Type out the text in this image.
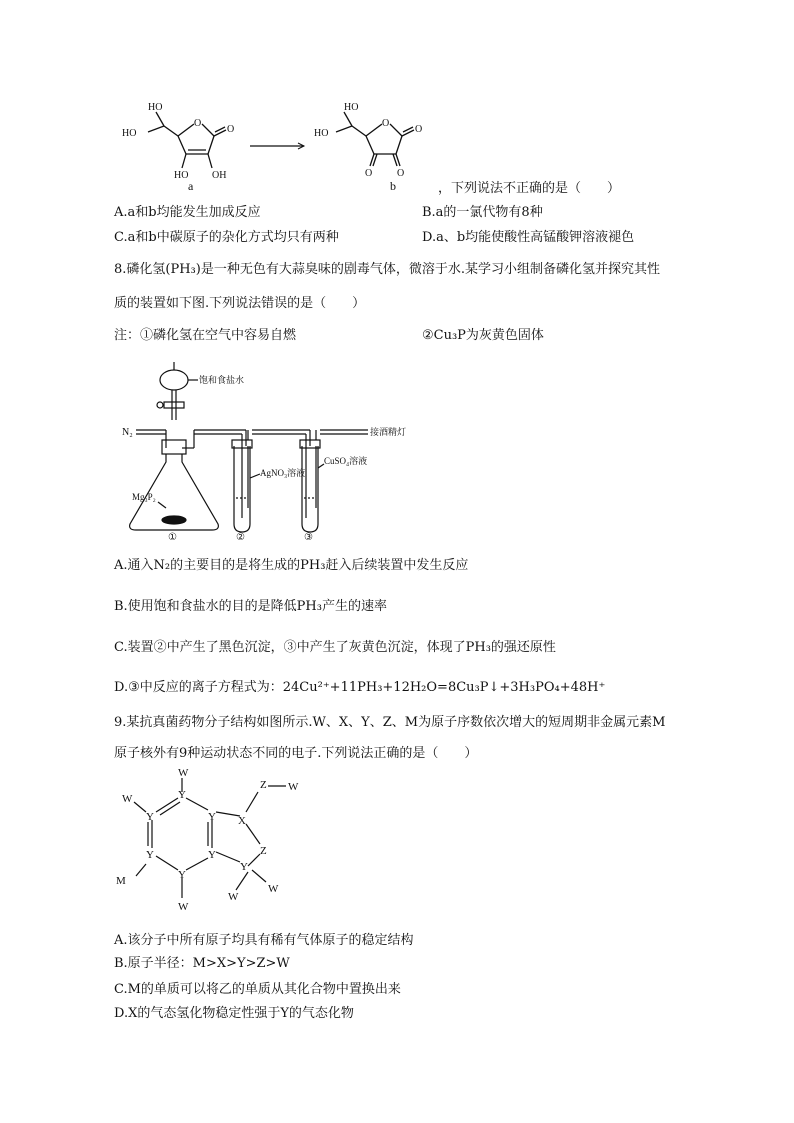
HO
HO
O
O
HO OH
a
HO
HO
O
O
O O
b	，下列说法不正确的是（　　）
A.a和b均能发生加成反应	B.a的一氯代物有8种
C.a和b中碳原子的杂化方式均只有两种	D.a、b均能使酸性高锰酸钾溶液褪色
8.磷化氢(PH₃)是一种无色有大蒜臭味的剧毒气体，微溶于水.某学习小组制备磷化氢并探究其性
质的装置如下图.下列说法错误的是（　　）
注：①磷化氢在空气中容易自燃	②Cu₃P为灰黄色固体
饱和食盐水
N₂	接酒精灯
Mg₃P₂
AgNO₃溶液
CuSO₄溶液
①	②	③
A.通入N₂的主要目的是将生成的PH₃赶入后续装置中发生反应
B.使用饱和食盐水的目的是降低PH₃产生的速率
C.装置②中产生了黑色沉淀，③中产生了灰黄色沉淀，体现了PH₃的强还原性
D.③中反应的离子方程式为：24Cu²⁺+11PH₃+12H₂O=8Cu₃P↓+3H₃PO₄+48H⁺
9.某抗真菌药物分子结构如图所示.W、X、Y、Z、M为原子序数依次增大的短周期非金属元素M
原子核外有9种运动状态不同的电子.下列说法正确的是（　　）
W
Y
W
Y	Y X
Z W
Z
Y	Y
Y
M	Y
W
W
W
A.该分子中所有原子均具有稀有气体原子的稳定结构
B.原子半径：M>X>Y>Z>W
C.M的单质可以将乙的单质从其化合物中置换出来
D.X的气态氢化物稳定性强于Y的气态化物
